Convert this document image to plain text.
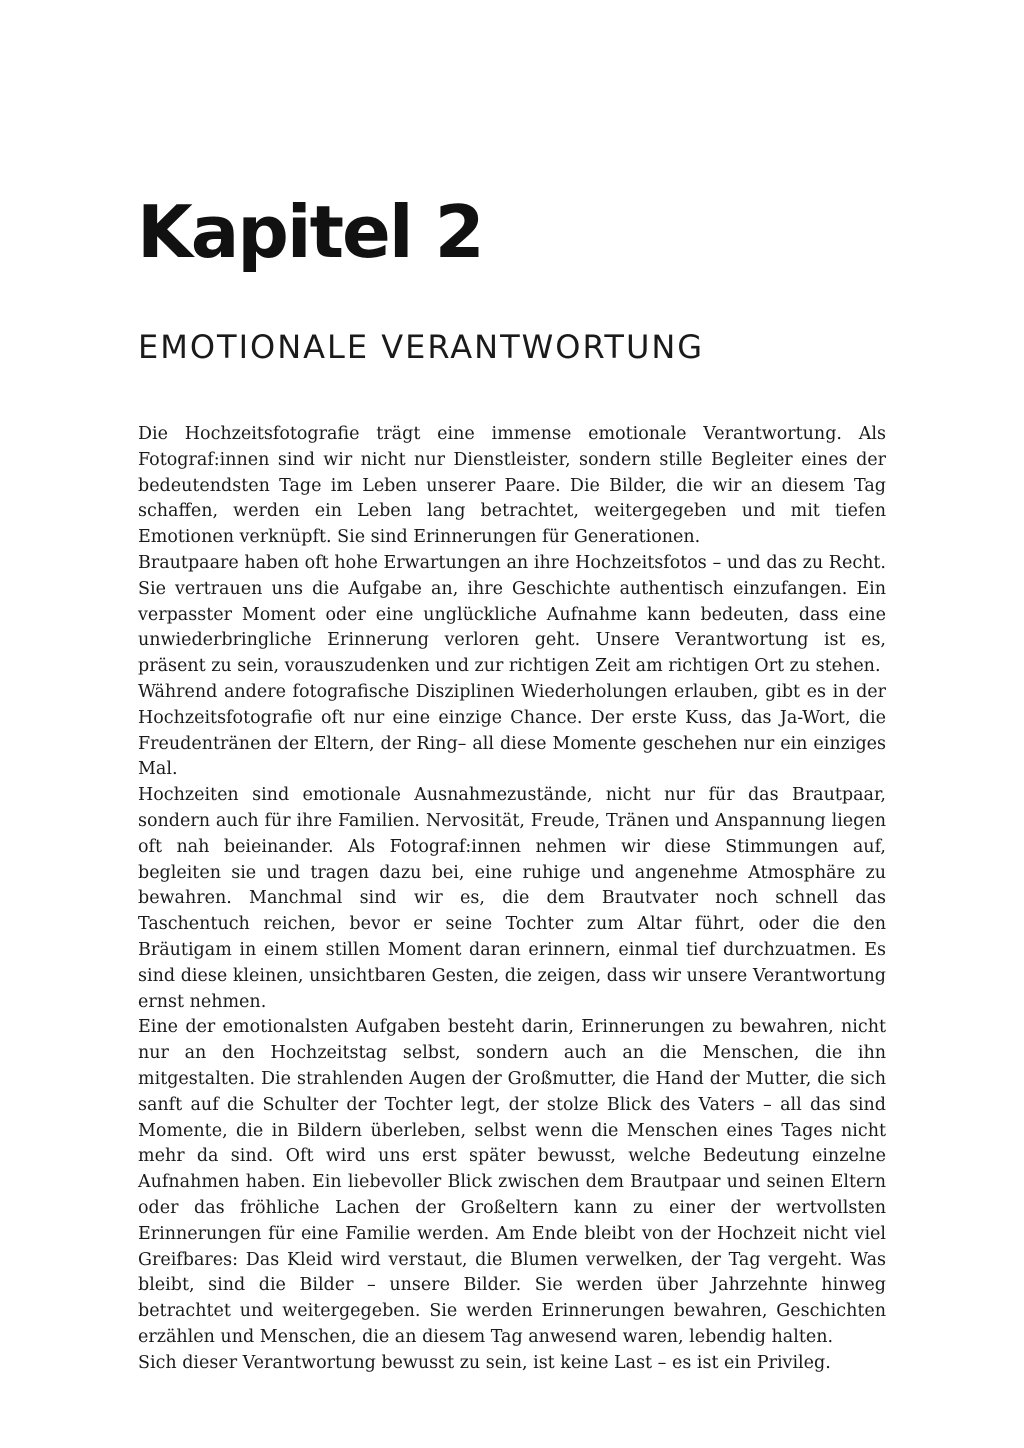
Kapitel 2
EMOTIONALE VERANTWORTUNG

Die Hochzeitsfotografie trägt eine immense emotionale Verantwortung. Als Fotograf:innen sind wir nicht nur Dienstleister, sondern stille Begleiter eines der bedeutendsten Tage im Leben unserer Paare. Die Bilder, die wir an diesem Tag schaffen, werden ein Leben lang betrachtet, weitergegeben und mit tiefen Emotionen verknüpft. Sie sind Erinnerungen für Generationen.

Brautpaare haben oft hohe Erwartungen an ihre Hochzeitsfotos – und das zu Recht. Sie vertrauen uns die Aufgabe an, ihre Geschichte authentisch einzufangen. Ein verpasster Moment oder eine unglückliche Aufnahme kann bedeuten, dass eine unwiederbringliche Erinnerung verloren geht. Unsere Verantwortung ist es, präsent zu sein, vorauszudenken und zur richtigen Zeit am richtigen Ort zu stehen.

Während andere fotografische Disziplinen Wiederholungen erlauben, gibt es in der Hochzeitsfotografie oft nur eine einzige Chance. Der erste Kuss, das Ja-Wort, die Freudentränen der Eltern, der Ring– all diese Momente geschehen nur ein einziges Mal.

Hochzeiten sind emotionale Ausnahmezustände, nicht nur für das Brautpaar, sondern auch für ihre Familien. Nervosität, Freude, Tränen und Anspannung liegen oft nah beieinander. Als Fotograf:innen nehmen wir diese Stimmungen auf, begleiten sie und tragen dazu bei, eine ruhige und angenehme Atmosphäre zu bewahren. Manchmal sind wir es, die dem Brautvater noch schnell das Taschentuch reichen, bevor er seine Tochter zum Altar führt, oder die den Bräutigam in einem stillen Moment daran erinnern, einmal tief durchzuatmen. Es sind diese kleinen, unsichtbaren Gesten, die zeigen, dass wir unsere Verantwortung ernst nehmen.

Eine der emotionalsten Aufgaben besteht darin, Erinnerungen zu bewahren, nicht nur an den Hochzeitstag selbst, sondern auch an die Menschen, die ihn mitgestalten. Die strahlenden Augen der Großmutter, die Hand der Mutter, die sich sanft auf die Schulter der Tochter legt, der stolze Blick des Vaters – all das sind Momente, die in Bildern überleben, selbst wenn die Menschen eines Tages nicht mehr da sind. Oft wird uns erst später bewusst, welche Bedeutung einzelne Aufnahmen haben. Ein liebevoller Blick zwischen dem Brautpaar und seinen Eltern oder das fröhliche Lachen der Großeltern kann zu einer der wertvollsten Erinnerungen für eine Familie werden. Am Ende bleibt von der Hochzeit nicht viel Greifbares: Das Kleid wird verstaut, die Blumen verwelken, der Tag vergeht. Was bleibt, sind die Bilder – unsere Bilder. Sie werden über Jahrzehnte hinweg betrachtet und weitergegeben. Sie werden Erinnerungen bewahren, Geschichten erzählen und Menschen, die an diesem Tag anwesend waren, lebendig halten.

Sich dieser Verantwortung bewusst zu sein, ist keine Last – es ist ein Privileg.
